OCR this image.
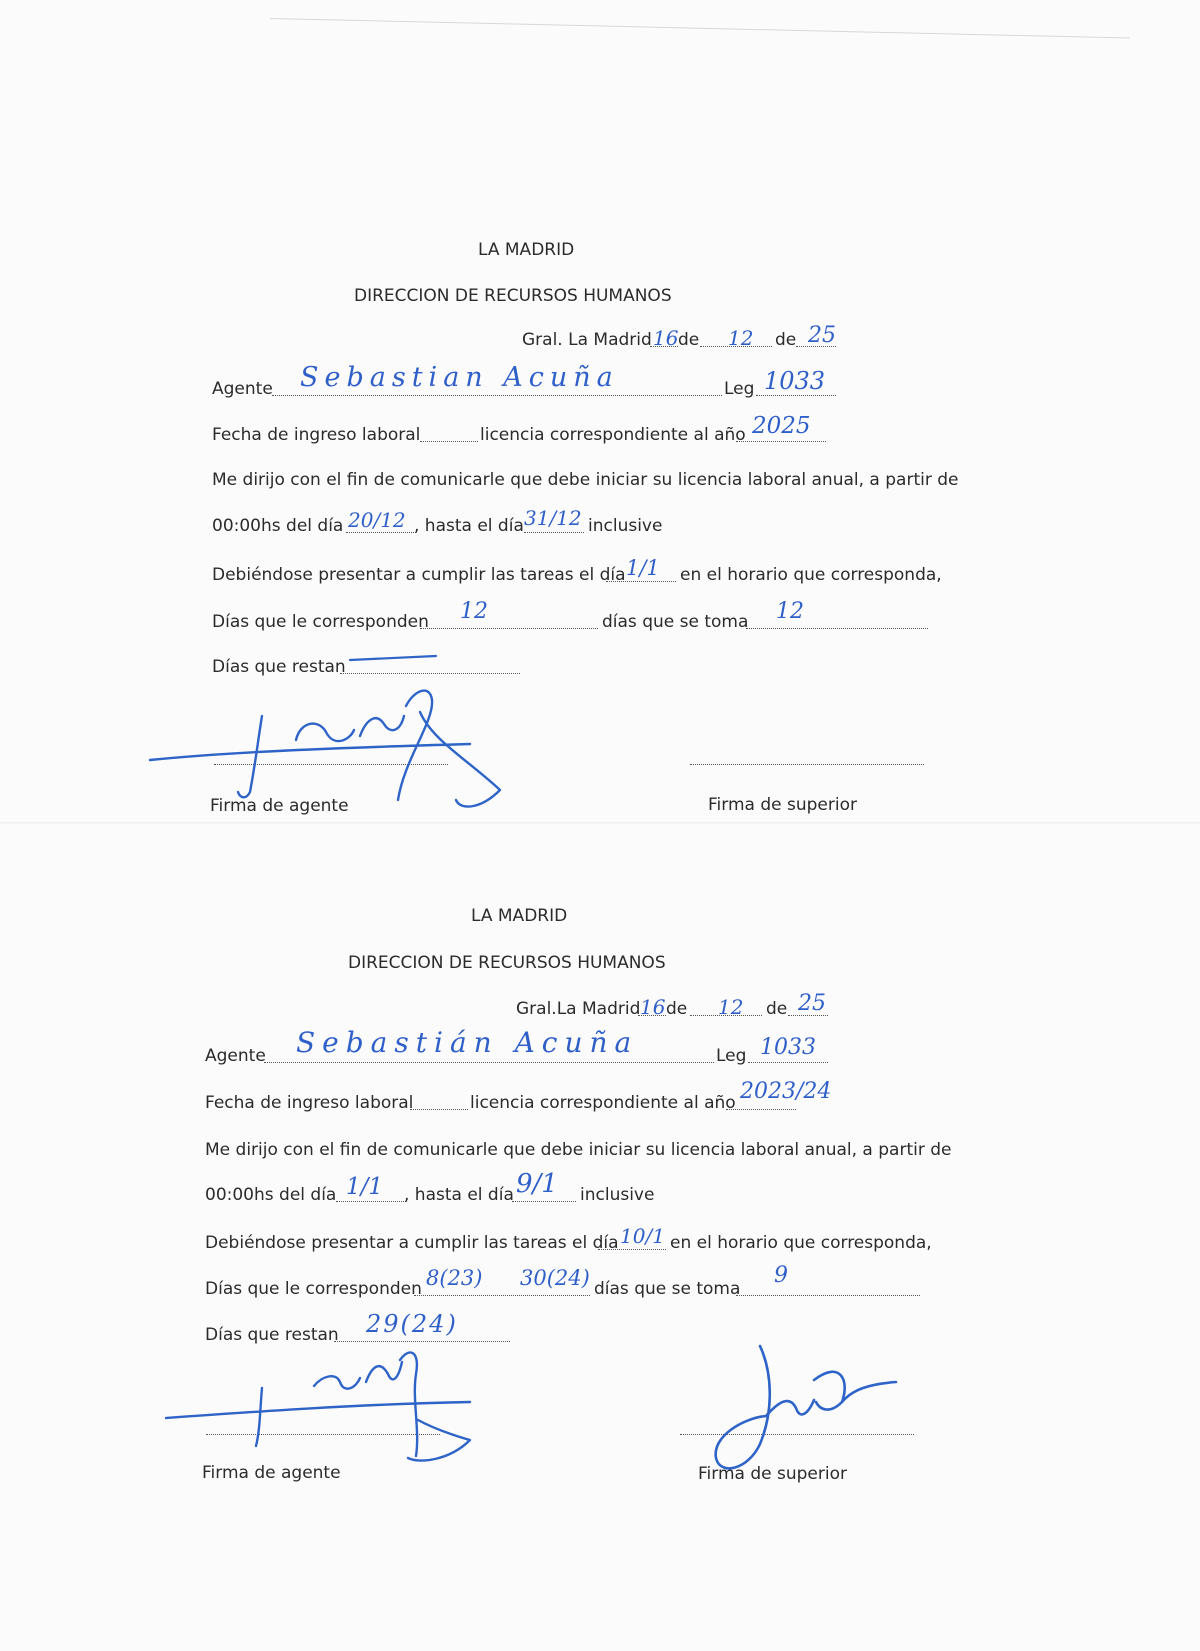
LA MADRID
DIRECCION DE RECURSOS HUMANOS
Gral. La Madrid 16 de 12 de 25
Agente Sebastian Acuña	Leg 1033
Fecha de ingreso laboral	licencia correspondiente al año 2025
Me dirijo con el fin de comunicarle que debe iniciar su licencia laboral anual, a partir de
00:00hs del día 20/12 , hasta el día 31/12 inclusive
Debiéndose presentar a cumplir las tareas el día 1/1 en el horario que corresponda,
Días que le corresponden 12	días que se toma 12
Días que restan
Firma de agente	Firma de superior
LA MADRID
DIRECCION DE RECURSOS HUMANOS
Gral.La Madrid 16 de 12 de 25
Agente Sebastián Acuña	Leg 1033
Fecha de ingreso laboral	licencia correspondiente al año 2023/24
Me dirijo con el fin de comunicarle que debe iniciar su licencia laboral anual, a partir de
00:00hs del día 1/1 , hasta el día 9/1 inclusive
Debiéndose presentar a cumplir las tareas el día 10/1 en el horario que corresponda,
Días que le corresponden 8(23) 30(24) días que se toma
9
Días que restan 29(24)
Firma de agente	Firma de superior
